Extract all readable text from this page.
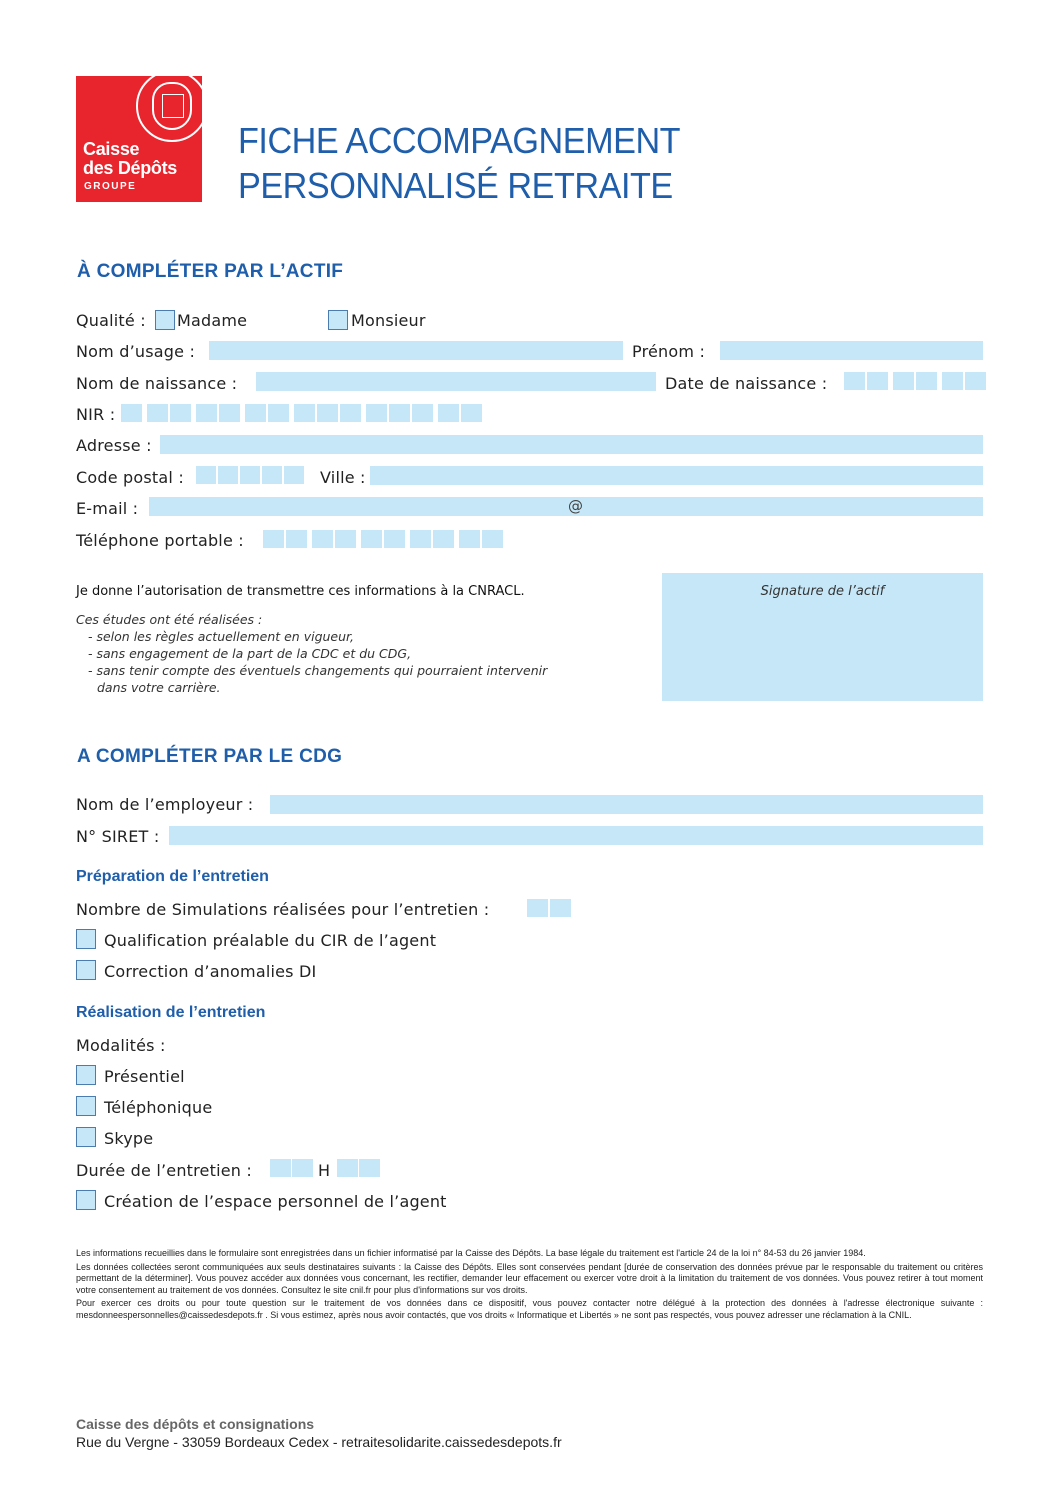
Caisse
des Dépôts
GROUPE
FICHE ACCOMPAGNEMENT
PERSONNALISÉ RETRAITE
À COMPLÉTER PAR L’ACTIF
Qualité : Madame	Monsieur
Nom d’usage :	Prénom :
Nom de naissance :	Date de naissance :
NIR :
Adresse :
Code postal :	Ville :
E-mail :	@
Téléphone portable :
Je donne l’autorisation de transmettre ces informations à la CNRACL.
Ces études ont été réalisées :
- selon les règles actuellement en vigueur,
- sans engagement de la part de la CDC et du CDG,
- sans tenir compte des éventuels changements qui pourraient intervenir
dans votre carrière.
Signature de l’actif
A COMPLÉTER PAR LE CDG
Nom de l’employeur :
N° SIRET :
Préparation de l’entretien
Nombre de Simulations réalisées pour l’entretien :
Qualification préalable du CIR de l’agent
Correction d’anomalies DI
Réalisation de l’entretien
Modalités :
Présentiel
Téléphonique
Skype
Durée de l’entretien :	H
Création de l’espace personnel de l’agent

Les informations recueillies dans le formulaire sont enregistrées dans un fichier informatisé par la Caisse des Dépôts. La base légale du traitement est l'article 24 de la loi n° 84-53 du 26 janvier 1984.

Les données collectées seront communiquées aux seuls destinataires suivants : la Caisse des Dépôts. Elles sont conservées pendant [durée de conservation des données prévue par le responsable du traitement ou critères permettant de la déterminer]. Vous pouvez accéder aux données vous concernant, les rectifier, demander leur effacement ou exercer votre droit à la limitation du traitement de vos données. Vous pouvez retirer à tout moment votre consentement au traitement de vos données. Consultez le site cnil.fr pour plus d'informations sur vos droits.

Pour exercer ces droits ou pour toute question sur le traitement de vos données dans ce dispositif, vous pouvez contacter notre délégué à la protection des données à l'adresse électronique suivante : mesdonneespersonnelles@caissedesdepots.fr . Si vous estimez, après nous avoir contactés, que vos droits « Informatique et Libertés » ne sont pas respectés, vous pouvez adresser une réclamation à la CNIL.

Caisse des dépôts et consignations
Rue du Vergne - 33059 Bordeaux Cedex - retraitesolidarite.caissedesdepots.fr
